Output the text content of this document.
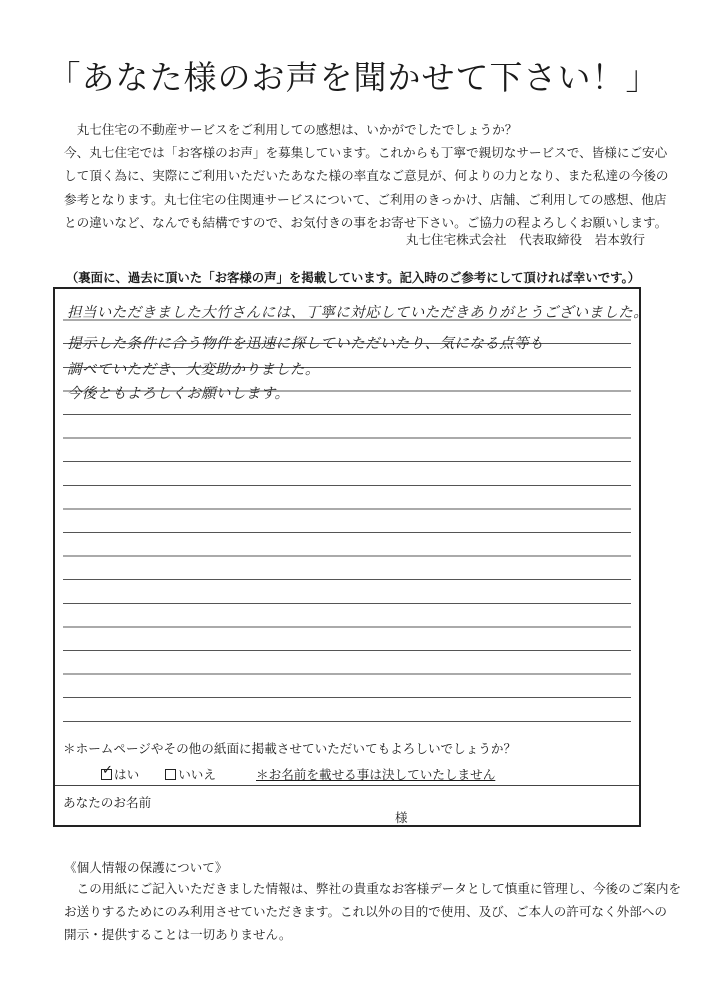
「あなた様のお声を聞かせて下さい！」
丸七住宅の不動産サービスをご利用しての感想は、いかがでしたでしょうか？
今、丸七住宅では「お客様のお声」を募集しています。これからも丁寧で親切なサービスで、皆様にご安心
して頂く為に、実際にご利用いただいたあなた様の率直なご意見が、何よりの力となり、また私達の今後の
参考となります。丸七住宅の住関連サービスについて、ご利用のきっかけ、店舗、ご利用しての感想、他店
との違いなど、なんでも結構ですので、お気付きの事をお寄せ下さい。ご協力の程よろしくお願いします。
丸七住宅株式会社　代表取締役　岩本敦行
（裏面に、過去に頂いた「お客様の声」を掲載しています。記入時のご参考にして頂ければ幸いです。）
担当いただきました大竹さんには、丁寧に対応していただきありがとうございました。
提示した条件に合う物件を迅速に探していただいたり、気になる点等も
調べていただき、大変助かりました。
今後ともよろしくお願いします。
＊ホームページやその他の紙面に掲載させていただいてもよろしいでしょうか？
✓ はい	いいえ	＊お名前を載せる事は決していたしません
あなたのお名前
様
《個人情報の保護について》
この用紙にご記入いただきました情報は、弊社の貴重なお客様データとして慎重に管理し、今後のご案内を
お送りするためにのみ利用させていただきます。これ以外の目的で使用、及び、ご本人の許可なく外部への
開示・提供することは一切ありません。
